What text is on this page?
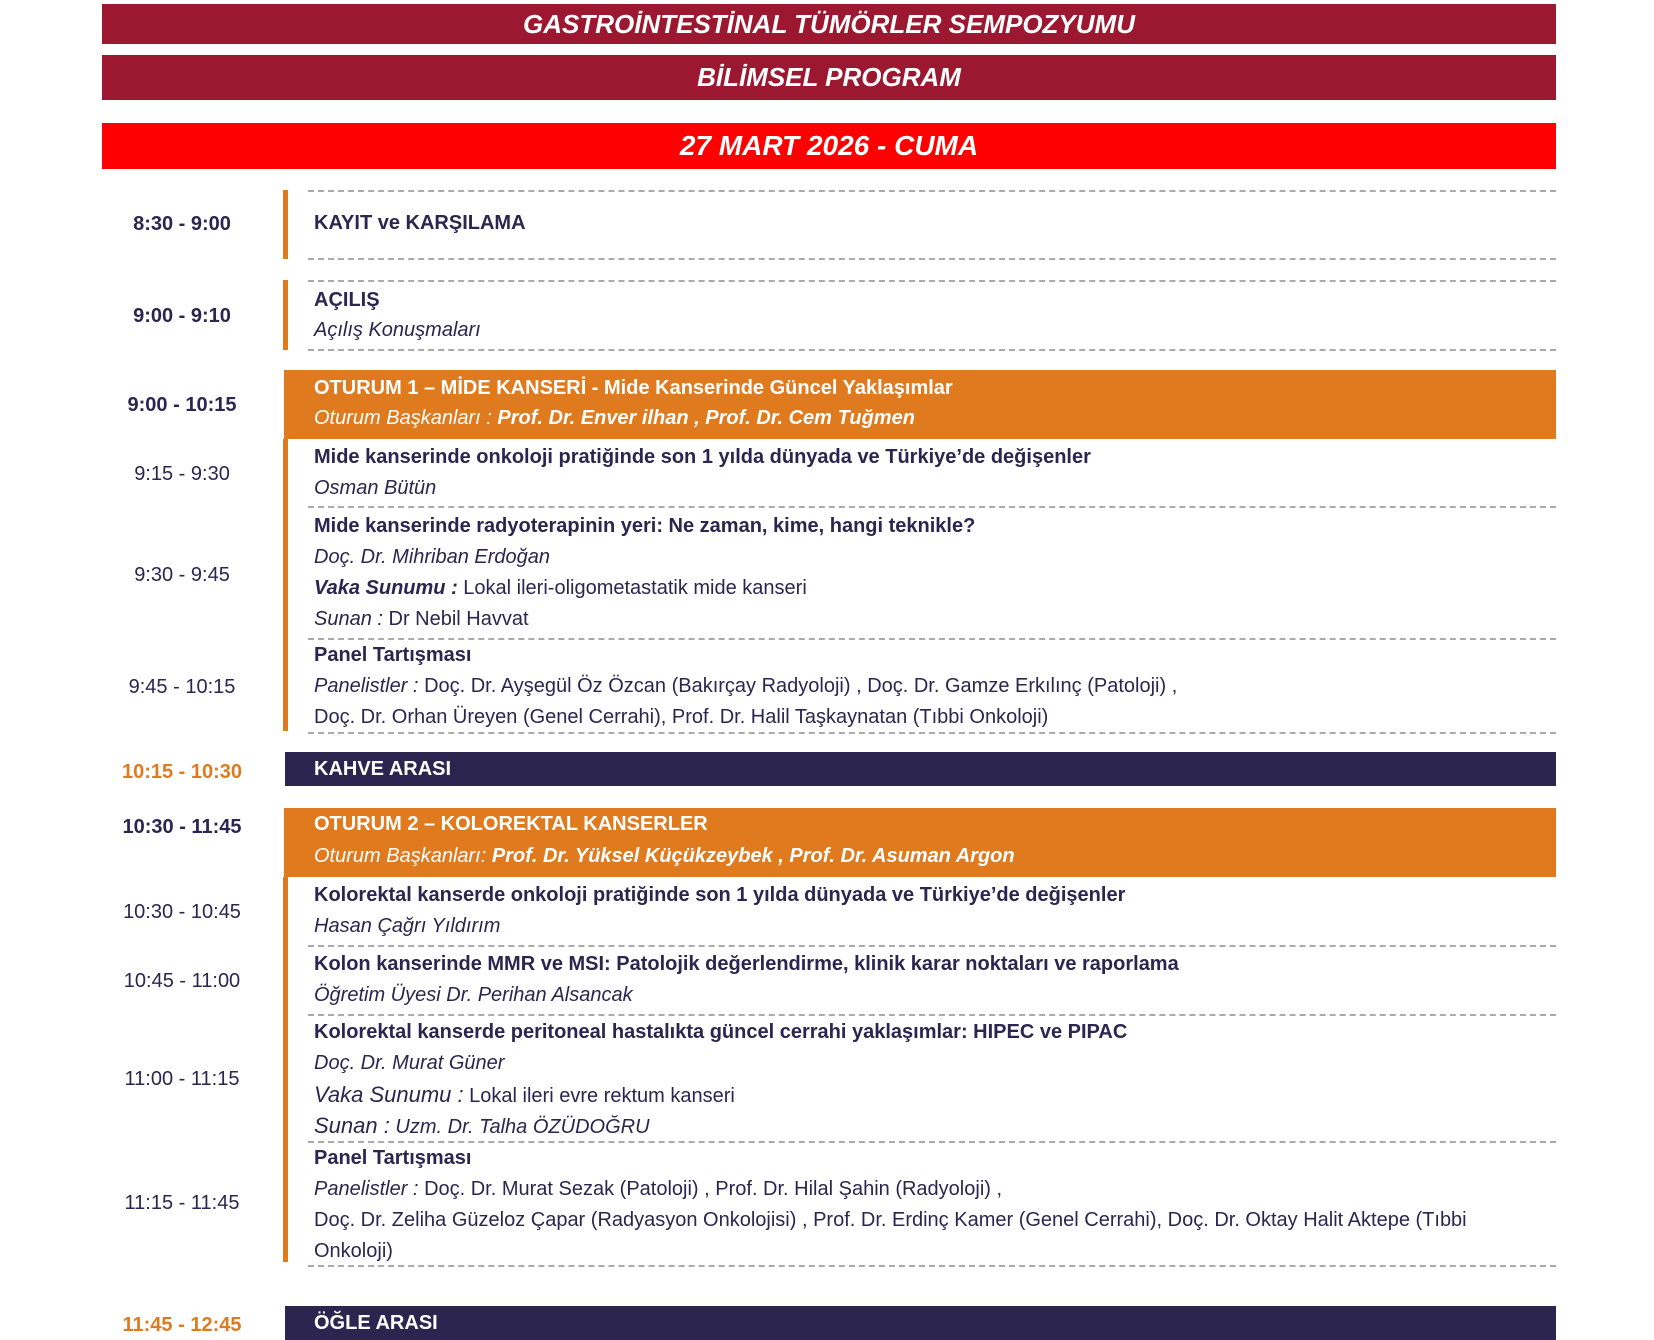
GASTROİNTESTİNAL TÜMÖRLER SEMPOZYUMU
BİLİMSEL PROGRAM
27 MART 2026 - CUMA
8:30 - 9:00	KAYIT ve KARŞILAMA
9:00 - 9:10
AÇILIŞ
Açılış Konuşmaları
9:00 - 10:15
OTURUM 1 – MİDE KANSERİ - Mide Kanserinde Güncel Yaklaşımlar
Oturum Başkanları : Prof. Dr. Enver ilhan , Prof. Dr. Cem Tuğmen
9:15 - 9:30
Mide kanserinde onkoloji pratiğinde son 1 yılda dünyada ve Türkiye’de değişenler
Osman Bütün
9:30 - 9:45
Mide kanserinde radyoterapinin yeri: Ne zaman, kime, hangi teknikle?
Doç. Dr. Mihriban Erdoğan
Vaka Sunumu : Lokal ileri-oligometastatik mide kanseri
Sunan : Dr Nebil Havvat
9:45 - 10:15
Panel Tartışması
Panelistler : Doç. Dr. Ayşegül Öz Özcan (Bakırçay Radyoloji) , Doç. Dr. Gamze Erkılınç (Patoloji) ,
Doç. Dr. Orhan Üreyen (Genel Cerrahi), Prof. Dr. Halil Taşkaynatan (Tıbbi Onkoloji)
10:15 - 10:30	KAHVE ARASI
10:30 - 11:45	OTURUM 2 – KOLOREKTAL KANSERLER
Oturum Başkanları: Prof. Dr. Yüksel Küçükzeybek , Prof. Dr. Asuman Argon
10:30 - 10:45
Kolorektal kanserde onkoloji pratiğinde son 1 yılda dünyada ve Türkiye’de değişenler
Hasan Çağrı Yıldırım
10:45 - 11:00
Kolon kanserinde MMR ve MSI: Patolojik değerlendirme, klinik karar noktaları ve raporlama
Öğretim Üyesi Dr. Perihan Alsancak
11:00 - 11:15
Kolorektal kanserde peritoneal hastalıkta güncel cerrahi yaklaşımlar: HIPEC ve PIPAC
Doç. Dr. Murat Güner
Vaka Sunumu : Lokal ileri evre rektum kanseri
Sunan : Uzm. Dr. Talha ÖZÜDOĞRU
11:15 - 11:45
Panel Tartışması
Panelistler : Doç. Dr. Murat Sezak (Patoloji) , Prof. Dr. Hilal Şahin (Radyoloji) ,
Doç. Dr. Zeliha Güzeloz Çapar (Radyasyon Onkolojisi) , Prof. Dr. Erdinç Kamer (Genel Cerrahi), Doç. Dr. Oktay Halit Aktepe (Tıbbi
Onkoloji)
11:45 - 12:45	ÖĞLE ARASI
